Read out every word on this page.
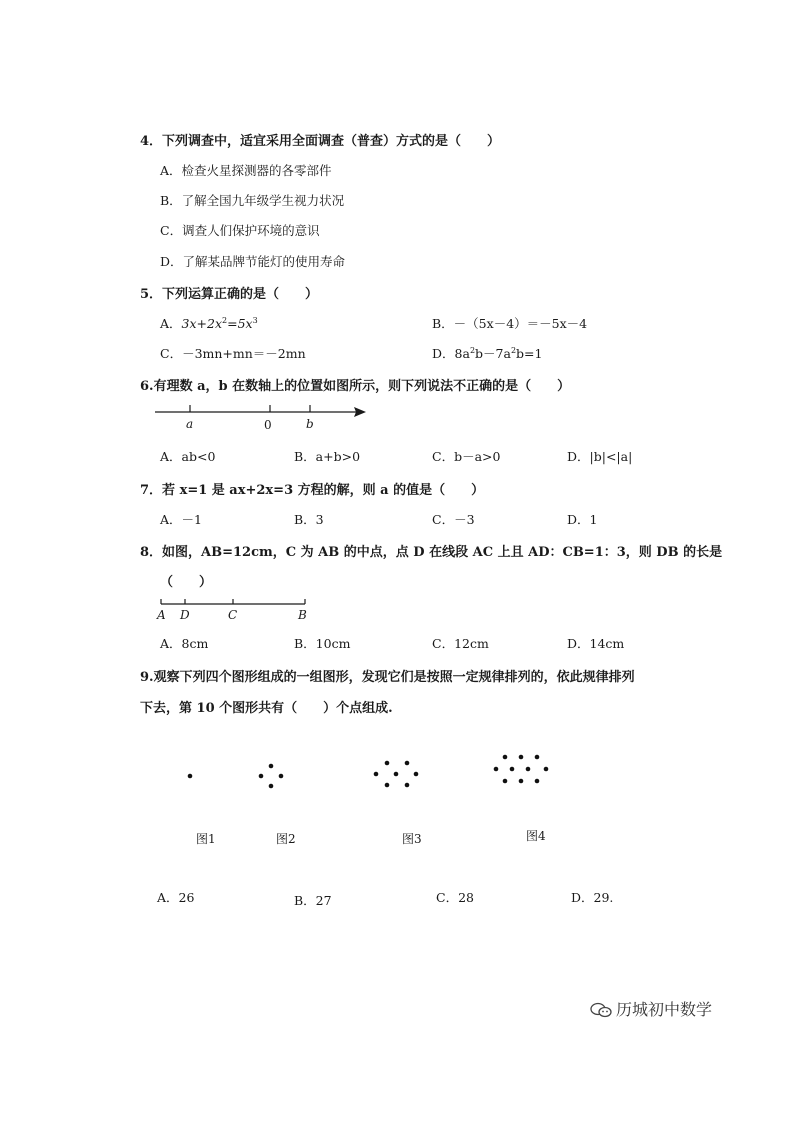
4．下列调查中，适宜采用全面调查（普查）方式的是（　　）
A．检查火星探测器的各零部件
B．了解全国九年级学生视力状况
C．调查人们保护环境的意识
D．了解某品牌节能灯的使用寿命
5．下列运算正确的是（　　）
A．$3x+2x^2=5x^3$	B．－（5x－4）＝－5x－4
C．－3mn+mn＝－2mn	D．$8a^2b-7a^2b=1$
6.有理数 a，b 在数轴上的位置如图所示，则下列说法不正确的是（　　）
a	0	b
A D	C	B
A．ab<0	B．a+b>0	C．b－a>0	D．|b|<|a|
7．若 x=1 是 ax+2x=3 方程的解，则 a 的值是（　　）
A．－1	B．3	C．－3	D．1
8．如图，AB=12cm，C 为 AB 的中点，点 D 在线段 AC 上且 AD：CB=1：3，则 DB 的长是
（　　）
A．8cm	B．10cm	C．12cm	D．14cm
9.观察下列四个图形组成的一组图形，发现它们是按照一定规律排列的，依此规律排列
下去，第 10 个图形共有（　　）个点组成.
图1	图2	图3	图4
A．26	B．27	C．28	D．29.
历城初中数学
